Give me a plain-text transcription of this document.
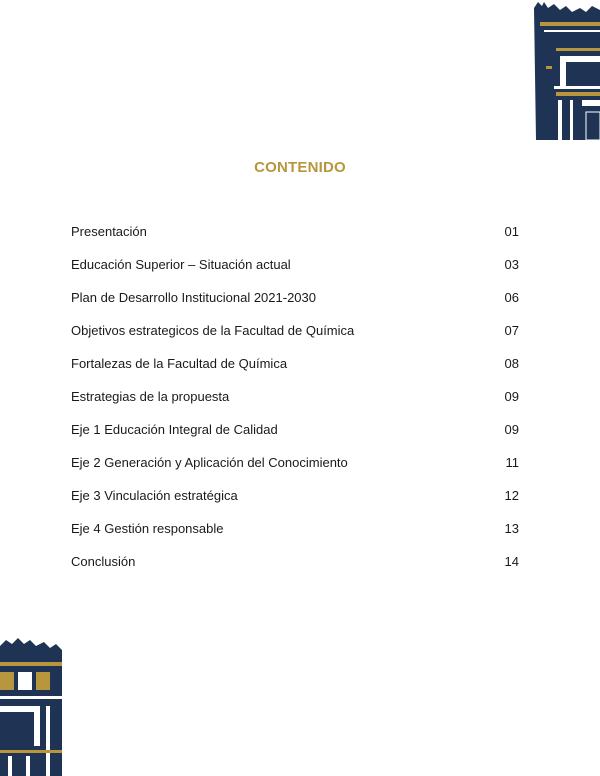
CONTENIDO
Presentación	01
Educación Superior – Situación actual	03
Plan de Desarrollo Institucional 2021-2030	06
Objetivos estrategicos de la Facultad de Química	07
Fortalezas de la Facultad de Química	08
Estrategias de la propuesta	09
Eje 1 Educación Integral de Calidad	09
Eje 2 Generación y Aplicación del Conocimiento	11
Eje 3 Vinculación estratégica	12
Eje 4 Gestión responsable	13
Conclusión	14
